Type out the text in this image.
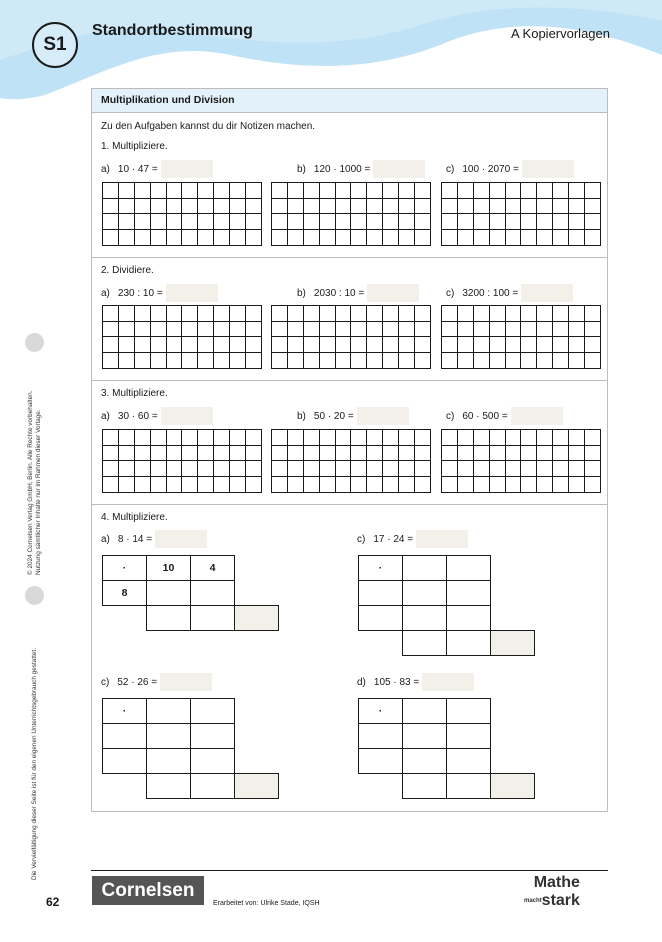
S1
Standortbestimmung	A Kopiervorlagen
© 2024 Cornelsen Verlag GmbH, Berlin. Alle Rechte vorbehalten. Nutzung sämtlicher Inhalte nur im Rahmen dieser Vorlage.
Die Vervielfältigung dieser Seite ist für den eigenen Unterrichtsgebrauch gestattet.
Multiplikation und Division
Zu den Aufgaben kannst du dir Notizen machen.
1. Multipliziere.
a) 10 · 47 =	b) 120 · 1000 =	c) 100 · 2070 =

2. Dividiere.
a) 230 : 10 =	b) 2030 : 10 =	c) 3200 : 100 =

3. Multipliziere.
a) 30 · 60 =	b) 50 · 20 =	c) 60 · 500 =

4. Multipliziere.
a) 8 · 14 =
·	10	4
8
c) 17 · 24 =
·
c) 52 · 26 =
·
d) 105 · 83 =
·
62
Cornelsen
Erarbeitet von: Ulrike Stade, IQSH
Mathe
machtstark
